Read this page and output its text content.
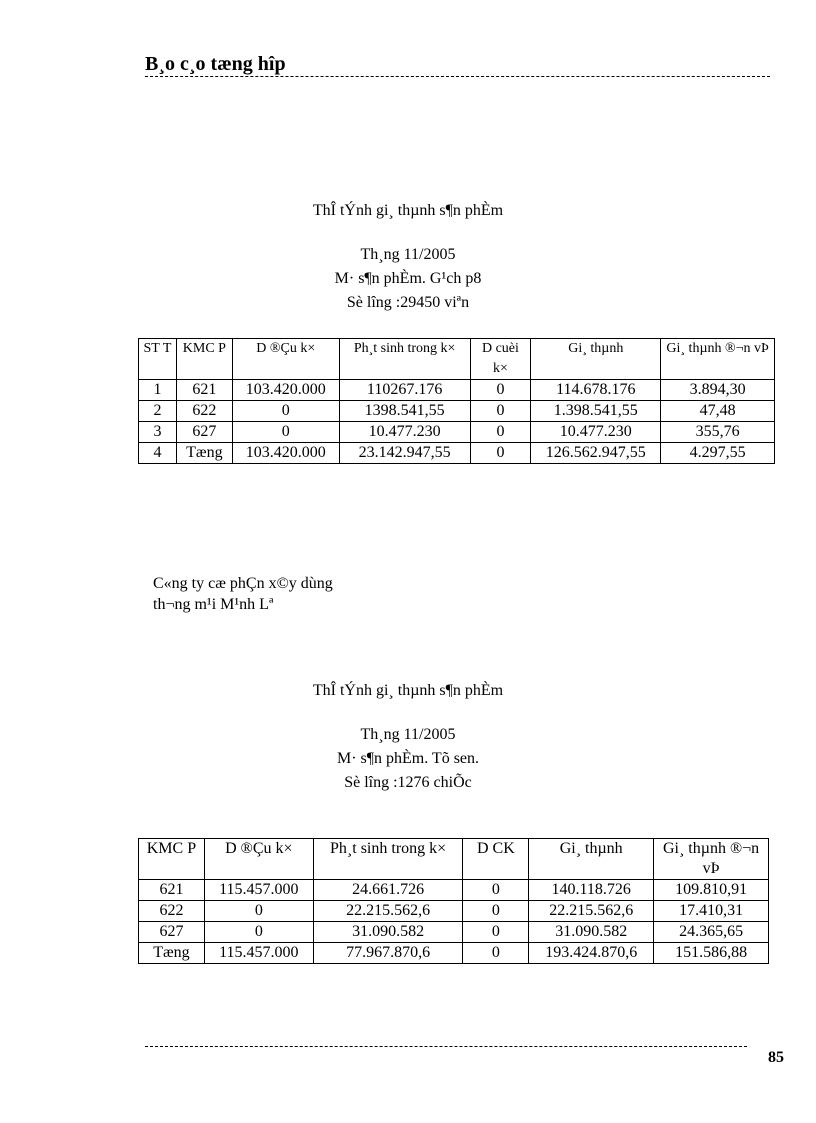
B¸o c¸o tæng hîp
ThÎ tÝnh gi¸ thµnh s¶n phÈm
Th¸ng 11/2005
M· s¶n phÈm. G¹ch p8
Sè lîng :29450 viªn
ST T	KMC P	D ®Çu k×	Ph¸t sinh trong k×	D cuèi k×	Gi¸ thµnh	Gi¸ thµnh ®¬n vÞ
1	621	103.420.000	110267.176	0	114.678.176	3.894,30
2	622	0	1398.541,55	0	1.398.541,55	47,48
3	627	0	10.477.230	0	10.477.230	355,76
4	Tæng	103.420.000	23.142.947,55	0	126.562.947,55	4.297,55
C«ng ty cæ phÇn x©y dùng
th¬ng m¹i M¹nh Lª
ThÎ tÝnh gi¸ thµnh s¶n phÈm
Th¸ng 11/2005
M· s¶n phÈm. Tõ sen.
Sè lîng :1276 chiÕc
KMC P	D ®Çu k×	Ph¸t sinh trong k×	D CK	Gi¸ thµnh	Gi¸ thµnh ®¬n vÞ
621	115.457.000	24.661.726	0	140.118.726	109.810,91
622	0	22.215.562,6	0	22.215.562,6	17.410,31
627	0	31.090.582	0	31.090.582	24.365,65
Tæng	115.457.000	77.967.870,6	0	193.424.870,6	151.586,88
85
